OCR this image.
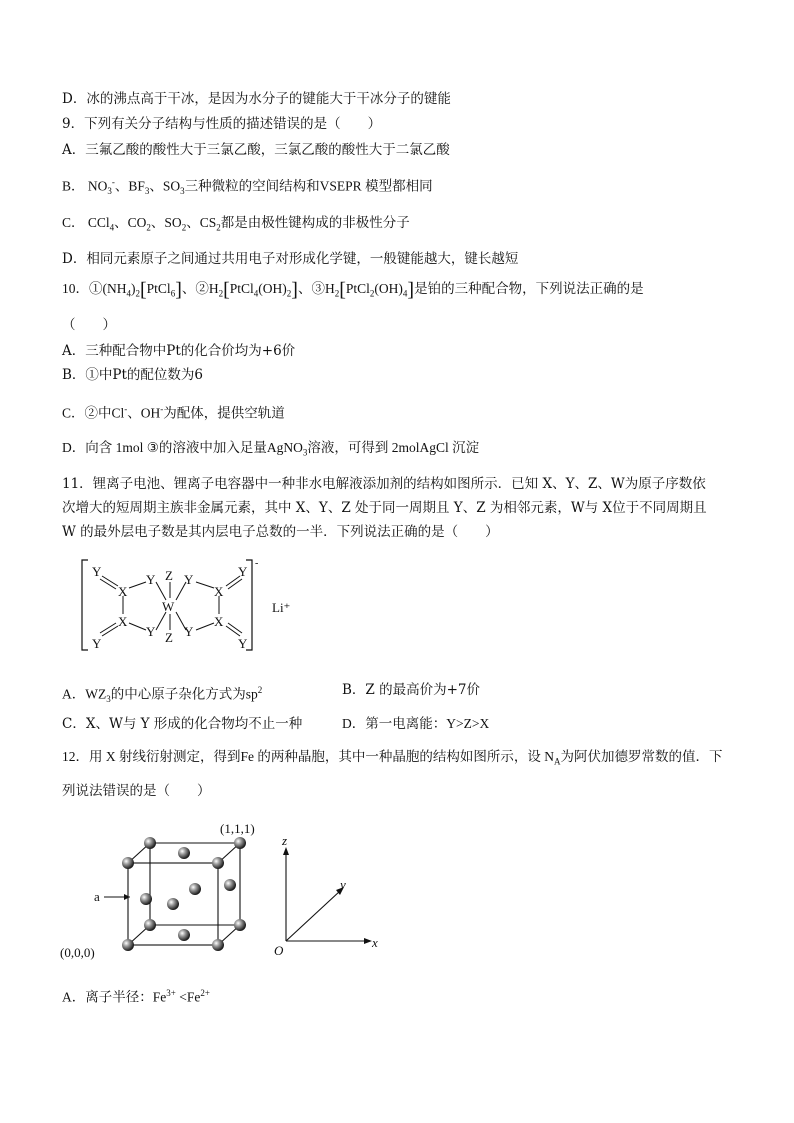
D．冰的沸点高于干冰，是因为水分子的键能大于干冰分子的键能
9．下列有关分子结构与性质的描述错误的是（　　）
A．三氟乙酸的酸性大于三氯乙酸，三氯乙酸的酸性大于二氯乙酸
B． $NO_3^-$、$BF_3$、$SO_3$三种微粒的空间结构和VSEPR 模型都相同
C． CCl$_4$、$CO_2$、$SO_2$、$CS_2$都是由极性键构成的非极性分子
D．相同元素原子之间通过共用电子对形成化学键，一般键能越大，键长越短
10．$①(NH_4)_2[PtCl_6]$、$②H_2[PtCl_4(OH)_2]$、$③H_2[PtCl_2(OH)_4]$是铂的三种配合物，下列说法正确的是
（　　）
A．三种配合物中Pt的化合价均为+6价
B．①中Pt的配位数为6
C．②中Cl-、OH-为配体，提供空轨道
D．向含 1mol ③的溶液中加入足量AgNO$_3$溶液，可得到 2molAgCl 沉淀
11．锂离子电池、锂离子电容器中一种非水电解液添加剂的结构如图所示．已知 X、Y、Z、W为原子序数依
次增大的短周期主族非金属元素，其中 X、Y、Z 处于同一周期且 Y、Z 为相邻元素，W与 X位于不同周期且
W 的最外层电子数是其内层电子总数的一半．下列说法正确的是（　　）
Y
Y Z Y
Y
X	X
W
X	X
Y Z Y
Y	Y
-
Li⁺
A．$WZ_3$的中心原子杂化方式为$sp^2$	B．Z 的最高价为+7价
C．X、W与 Y 形成的化合物均不止一种	D．第一电离能：Y>Z>X
12．用 X 射线衍射测定，得到Fe 的两种晶胞，其中一种晶胞的结构如图所示，设 $N_A$为阿伏加德罗常数的值．下
列说法错误的是（　　）
(1,1,1)
(0,0,0)
a
z
y
x
O
A．离子半径：$Fe^{3+} <Fe^{2+}$
